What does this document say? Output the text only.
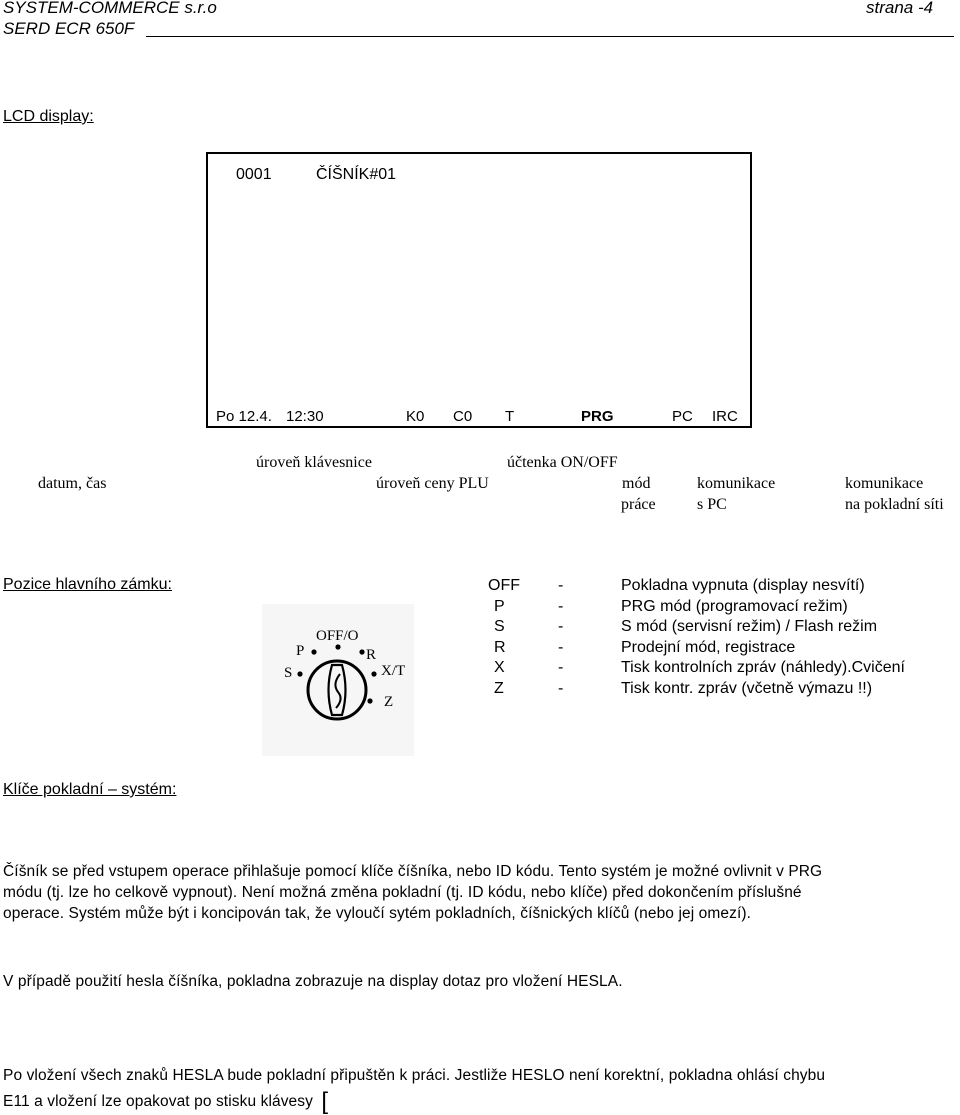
SYSTEM-COMMERCE s.r.o	strana -4
SERD ECR 650F
LCD display:
0001	ČÍŠNÍK#01
Po 12.4. 12:30	K0 C0 T	PRG	PC IRC
úroveň klávesnice	účtenka ON/OFF
datum, čas	úroveň ceny PLU	mód
práce
komunikace
s PC
komunikace
na pokladní síti
Pozice hlavního zámku:
OFF/O
P	R
S	X/T
Z
OFF -	Pokladna vypnuta (display nesvítí)
P	-	PRG mód (programovací režim)
S	-	S mód (servisní režim) / Flash režim
R	-	Prodejní mód, registrace
X	-	Tisk kontrolních zpráv (náhledy).Cvičení
Z	-	Tisk kontr. zpráv (včetně výmazu !!)
Klíče pokladní – systém:
Číšník se před vstupem operace přihlašuje pomocí klíče číšníka, nebo ID kódu. Tento systém je možné ovlivnit v PRG
módu (tj. lze ho celkově vypnout). Není možná změna pokladní (tj. ID kódu, nebo klíče) před dokončením příslušné
operace. Systém může být i koncipován tak, že vyloučí sytém pokladních, číšnických klíčů (nebo jej omezí).
V případě použití hesla číšníka, pokladna zobrazuje na display dotaz pro vložení HESLA.
Po vložení všech znaků HESLA bude pokladní připuštěn k práci. Jestliže HESLO není korektní, pokladna ohlásí chybu
E11 a vložení lze opakovat po stisku klávesy [
